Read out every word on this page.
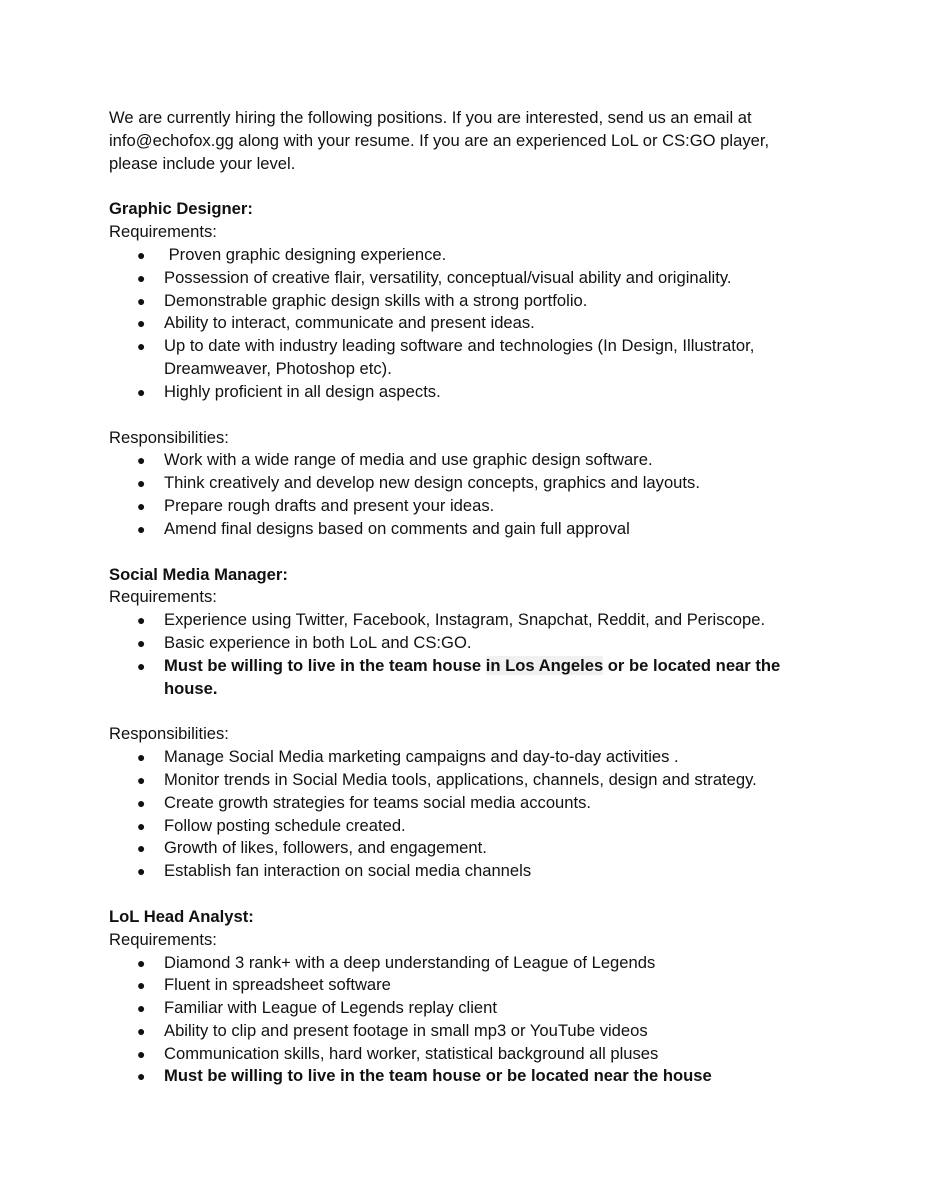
We are currently hiring the following positions. If you are interested, send us an email at

info@echofox.gg along with your resume. If you are an experienced LoL or CS:GO player,

please include your level.

Graphic Designer:
Requirements:
● Proven graphic designing experience.
● Possession of creative flair, versatility, conceptual/visual ability and originality.
● Demonstrable graphic design skills with a strong portfolio.
● Ability to interact, communicate and present ideas.
● Up to date with industry leading software and technologies (In Design, Illustrator, Dreamweaver, Photoshop etc).
● Highly proficient in all design aspects.
Responsibilities:
● Work with a wide range of media and use graphic design software.
● Think creatively and develop new design concepts, graphics and layouts.
● Prepare rough drafts and present your ideas.
● Amend final designs based on comments and gain full approval
Social Media Manager:
Requirements:
● Experience using Twitter, Facebook, Instagram, Snapchat, Reddit, and Periscope.
● Basic experience in both LoL and CS:GO.
● Must be willing to live in the team house in Los Angeles or be located near the house.
Responsibilities:
● Manage Social Media marketing campaigns and day-to-day activities .
● Monitor trends in Social Media tools, applications, channels, design and strategy.
● Create growth strategies for teams social media accounts.
● Follow posting schedule created.
● Growth of likes, followers, and engagement.
● Establish fan interaction on social media channels
LoL Head Analyst:
Requirements:
● Diamond 3 rank+ with a deep understanding of League of Legends
● Fluent in spreadsheet software
● Familiar with League of Legends replay client
● Ability to clip and present footage in small mp3 or YouTube videos
● Communication skills, hard worker, statistical background all pluses
● Must be willing to live in the team house or be located near the house
